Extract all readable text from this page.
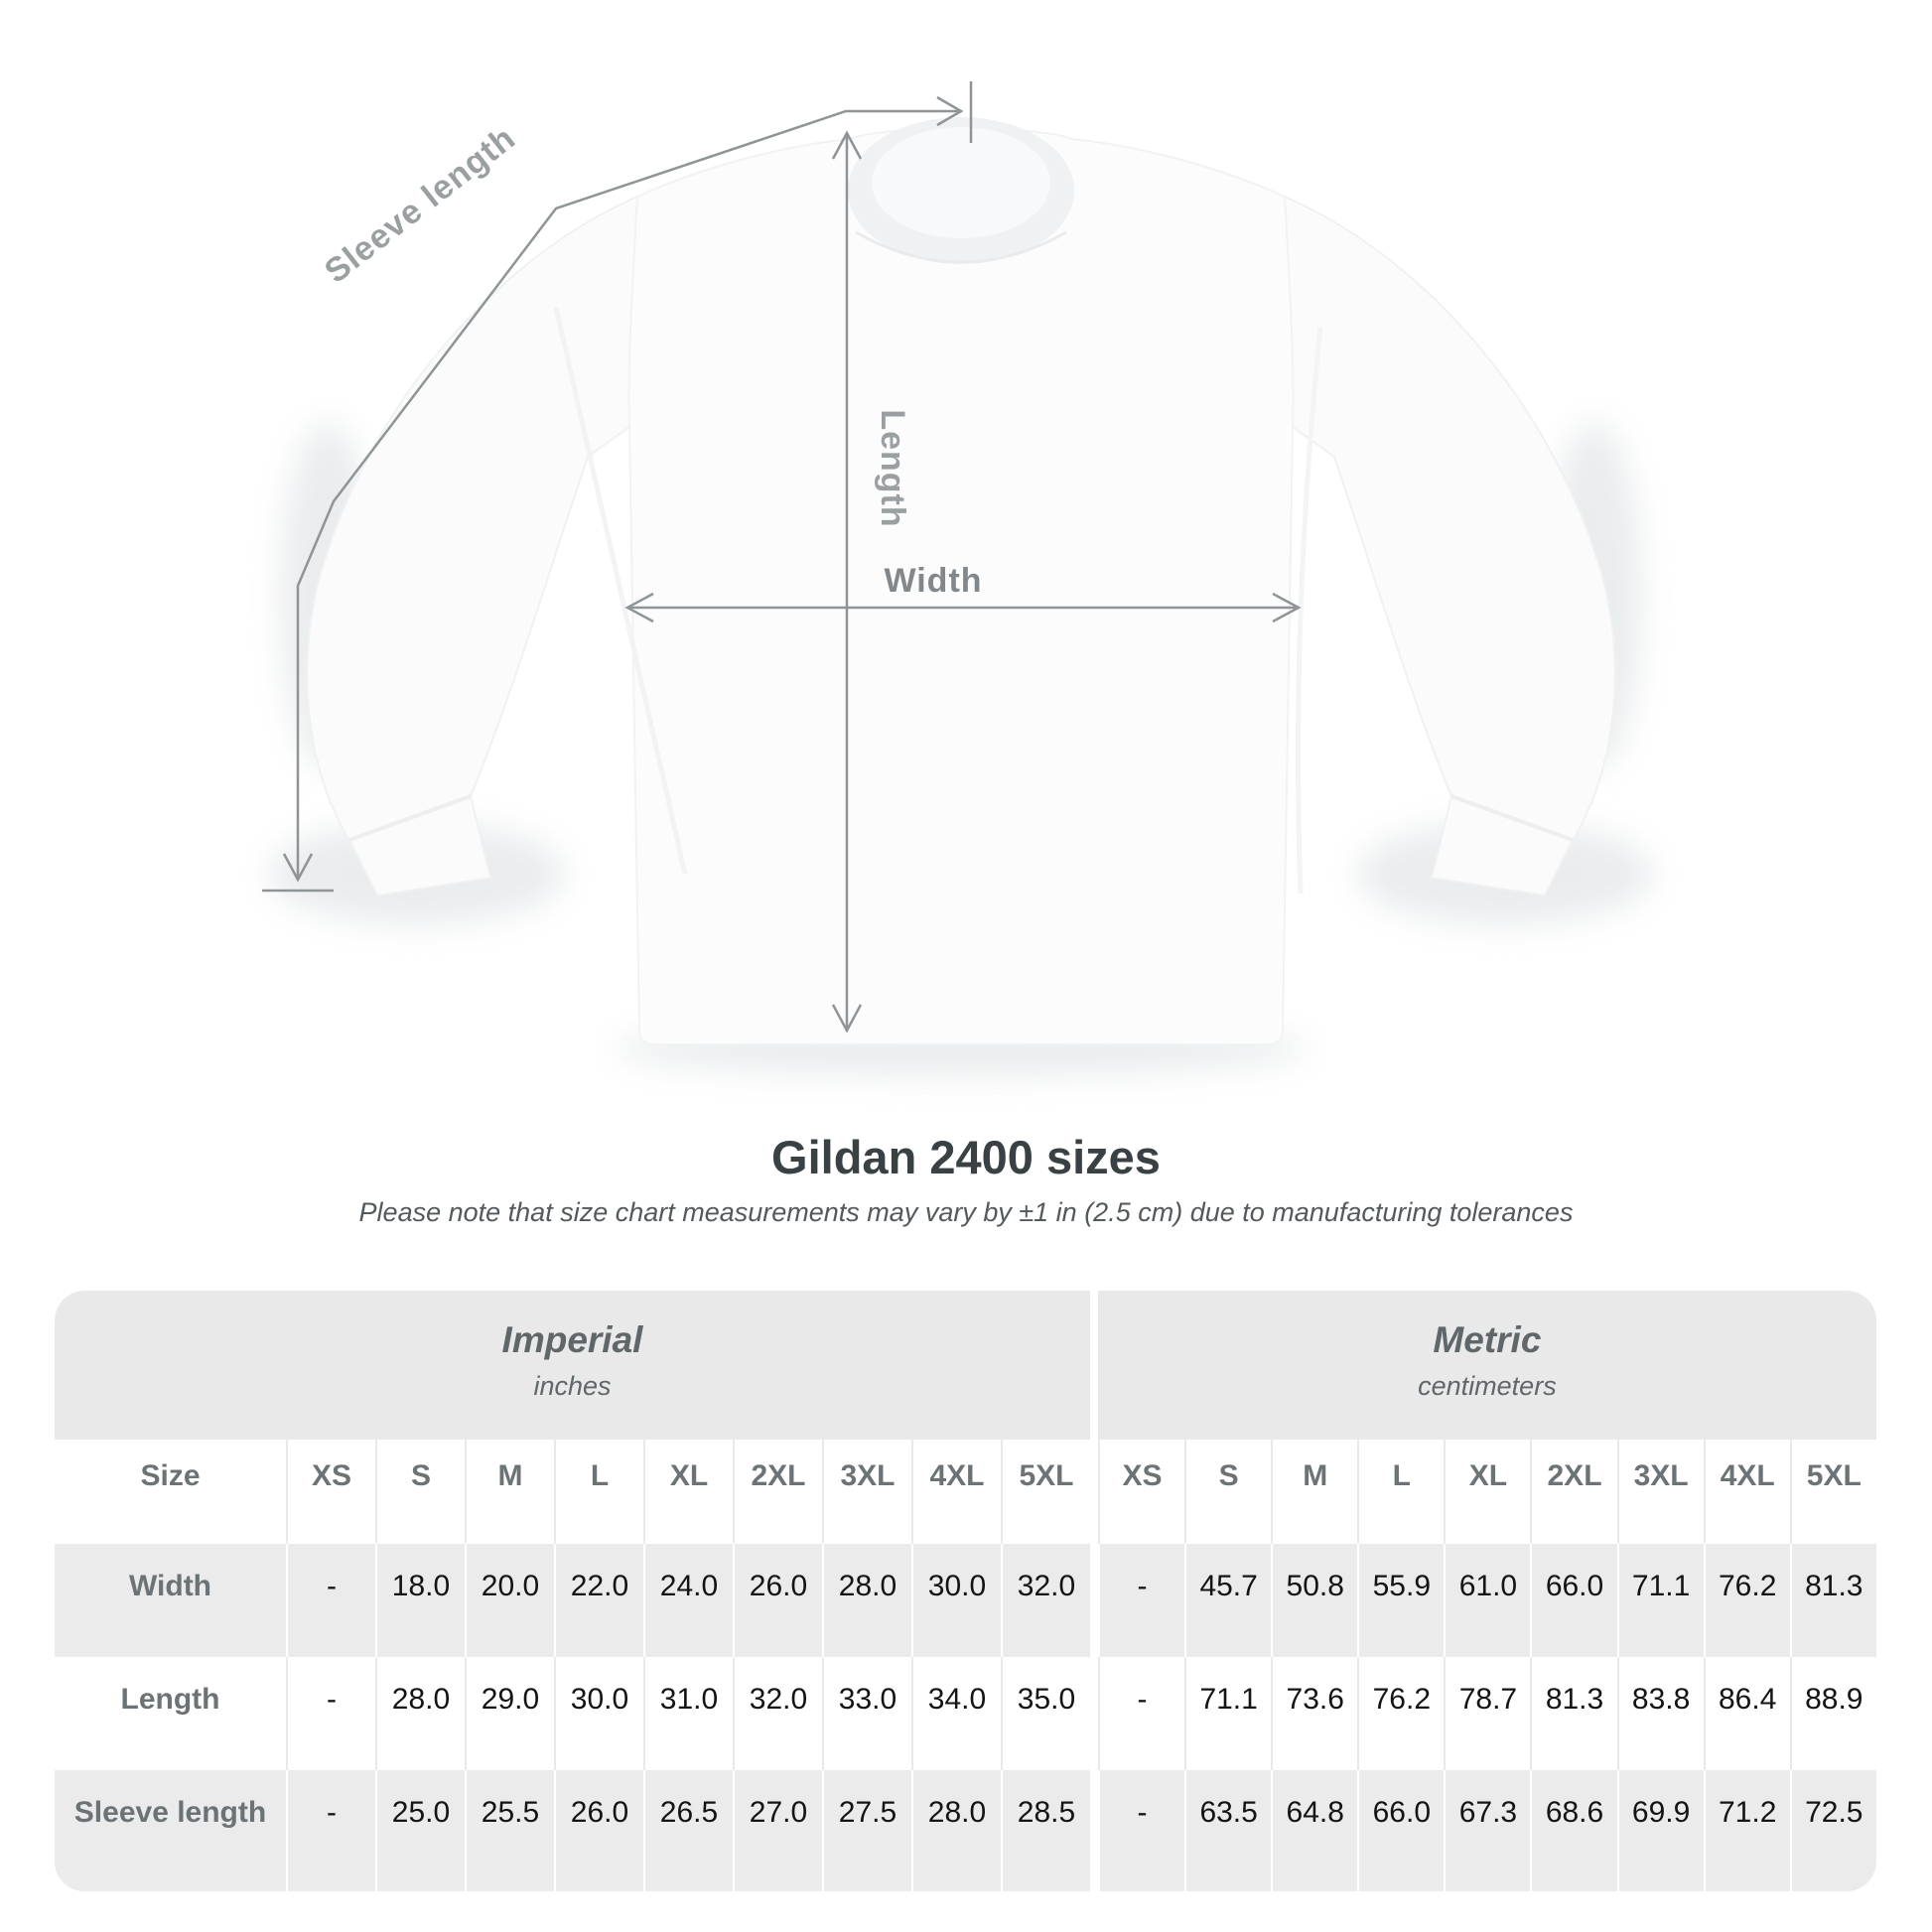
Sleeve length
Length
Width
Gildan 2400 sizes
Please note that size chart measurements may vary by ±1 in (2.5 cm) due to manufacturing tolerances
Imperial
inches
Metric
centimeters
Size	XS	S	M	L	XL	2XL	3XL	4XL	5XL	XS	S	M	L	XL	2XL	3XL	4XL	5XL
Width	-	18.0	20.0	22.0	24.0	26.0	28.0	30.0	32.0	-	45.7 50.8 55.9 61.0 66.0 71.1 76.2 81.3
Length	-	28.0	29.0	30.0	31.0	32.0	33.0	34.0	35.0	-	71.1 73.6 76.2 78.7 81.3 83.8 86.4 88.9
Sleeve length	-	25.0	25.5	26.0	26.5	27.0	27.5	28.0	28.5	-	63.5 64.8 66.0 67.3 68.6 69.9 71.2 72.5
